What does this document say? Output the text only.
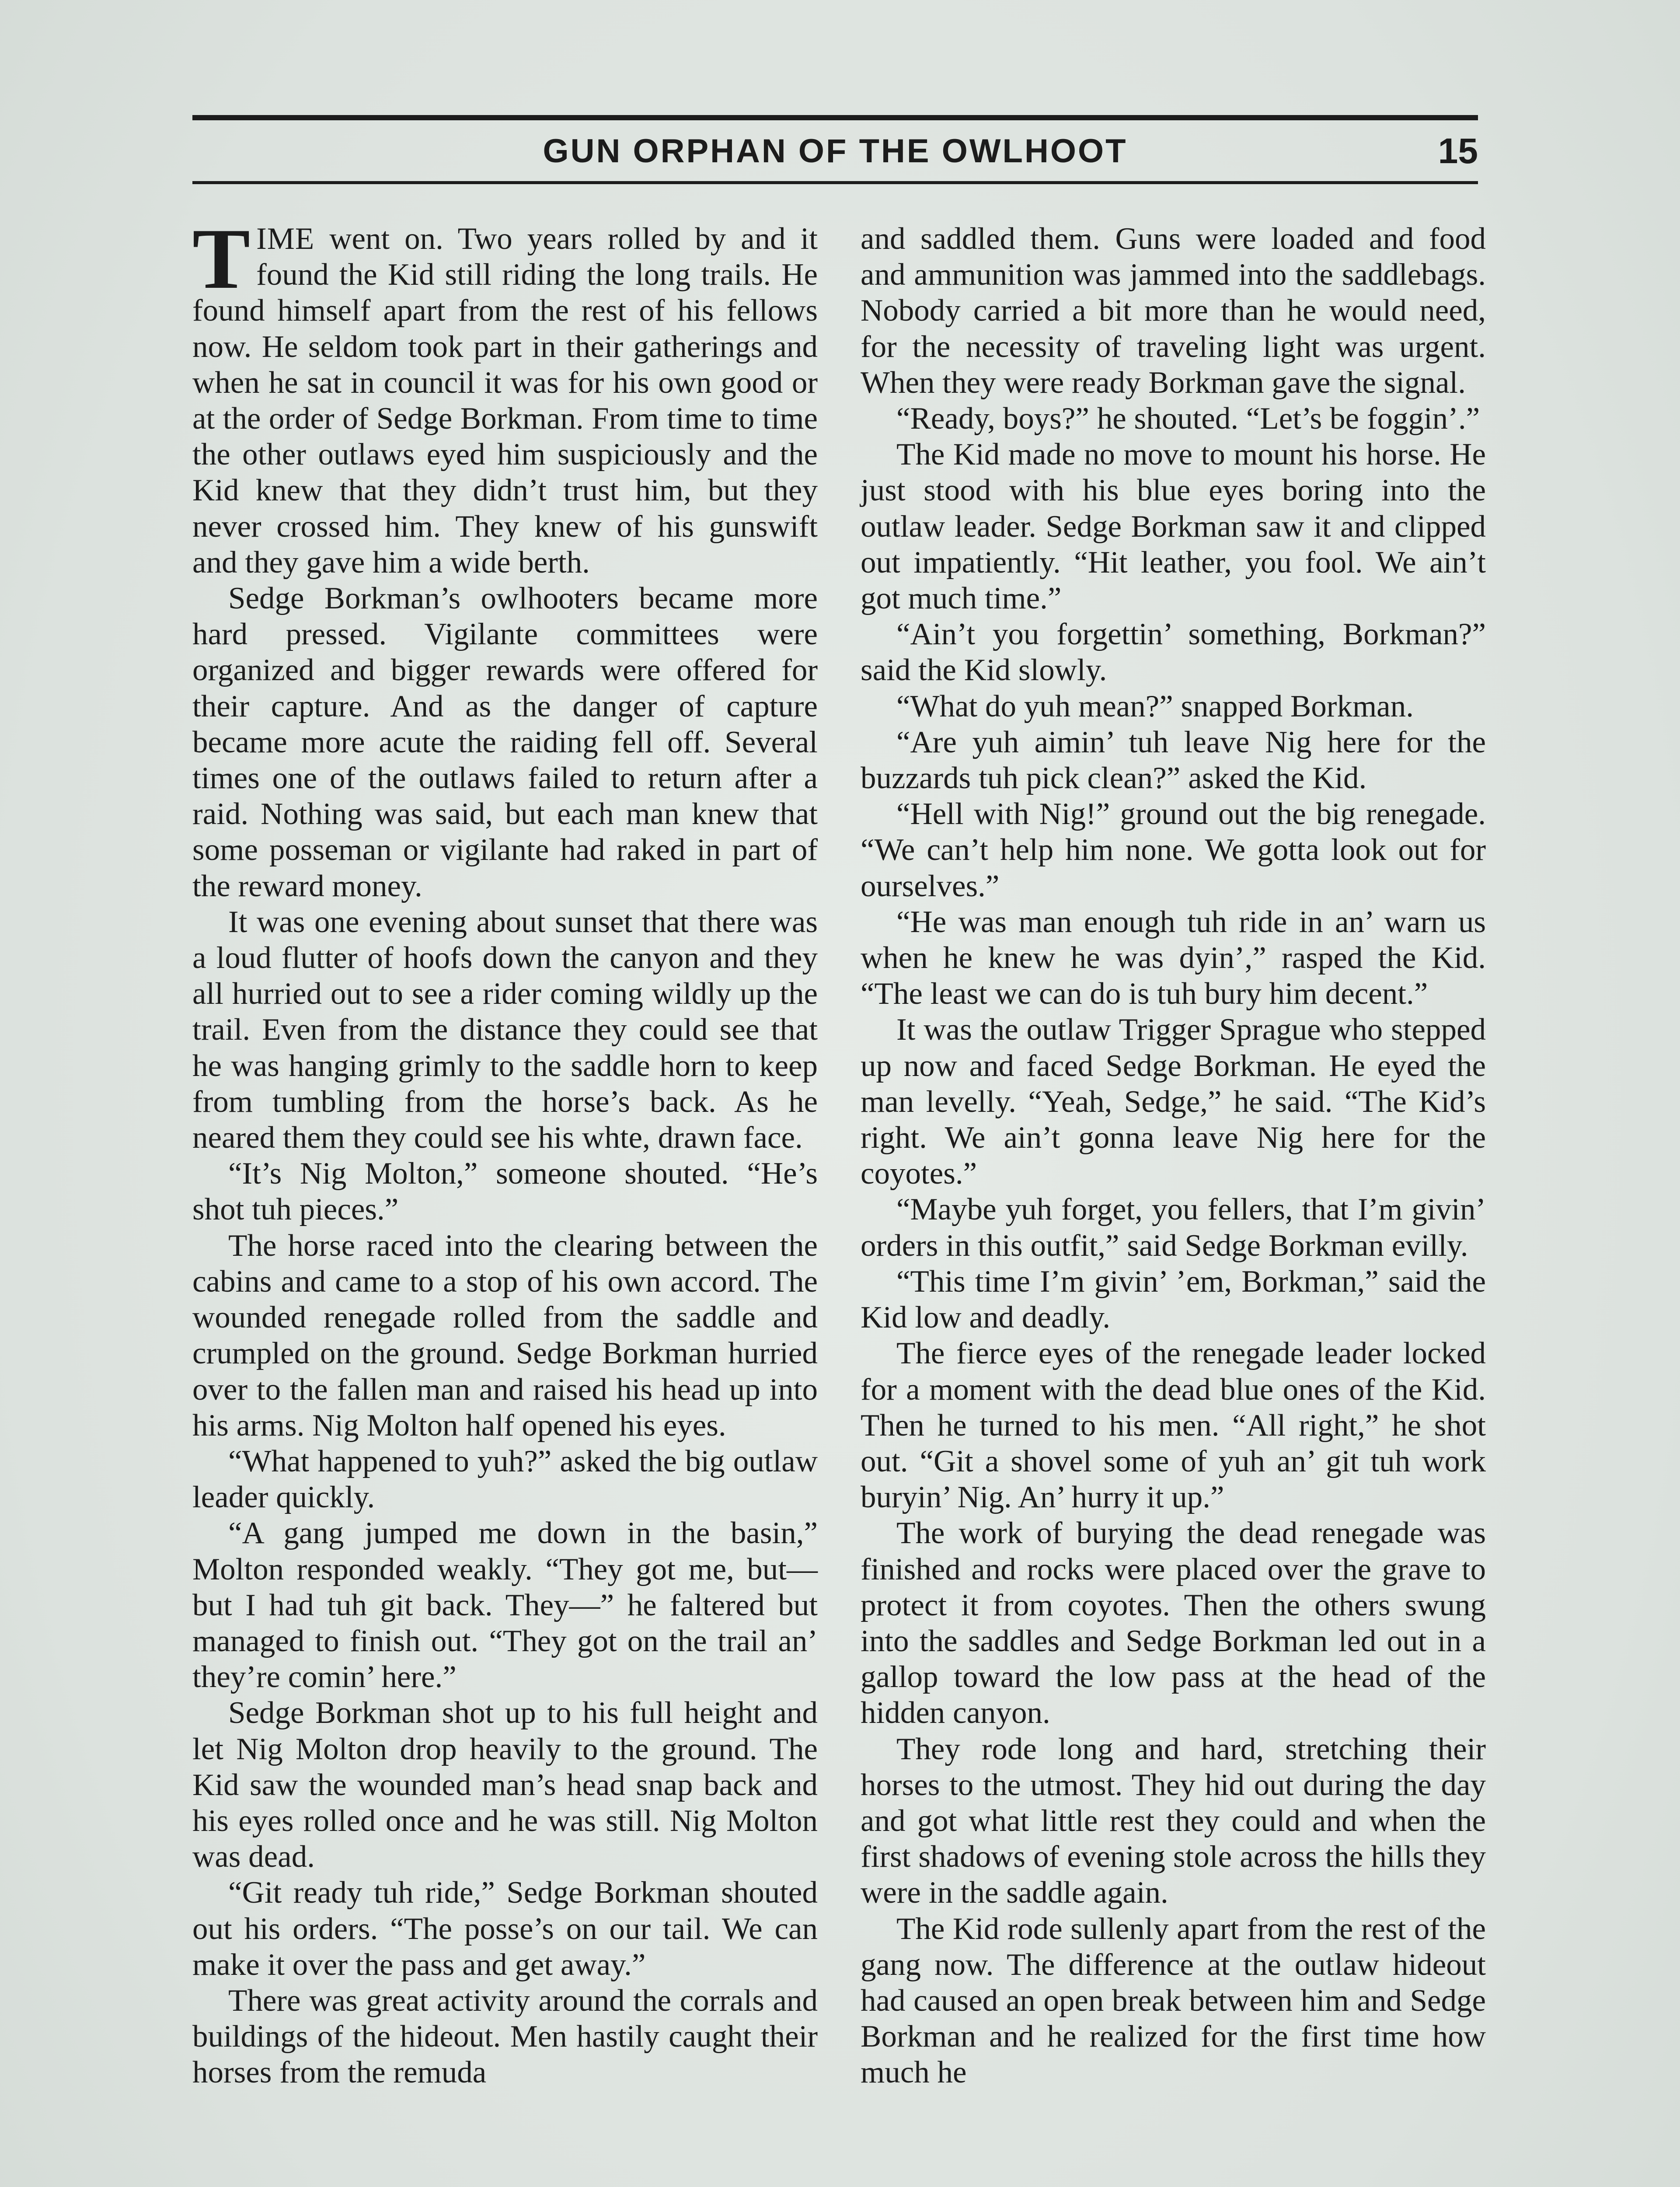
GUN ORPHAN OF THE OWLHOOT	15

TIME went on. Two years rolled by and it found the Kid still riding the long trails. He found himself apart from the rest of his fellows now. He seldom took part in their gatherings and when he sat in council it was for his own good or at the order of Sedge Borkman. From time to time the other outlaws eyed him suspiciously and the Kid knew that they didn’t trust him, but they never crossed him. They knew of his gunswift and they gave him a wide berth.

Sedge Borkman’s owlhooters became more hard pressed. Vigilante committees were organized and bigger rewards were offered for their capture. And as the danger of capture became more acute the raiding fell off. Several times one of the outlaws failed to return after a raid. Nothing was said, but each man knew that some posseman or vigilante had raked in part of the reward money.

It was one evening about sunset that there was a loud flutter of hoofs down the canyon and they all hurried out to see a rider coming wildly up the trail. Even from the distance they could see that he was hanging grimly to the saddle horn to keep from tumbling from the horse’s back. As he neared them they could see his whte, drawn face.

“It’s Nig Molton,” someone shouted. “He’s shot tuh pieces.”

The horse raced into the clearing between the cabins and came to a stop of his own accord. The wounded renegade rolled from the saddle and crumpled on the ground. Sedge Borkman hurried over to the fallen man and raised his head up into his arms. Nig Molton half opened his eyes.

“What happened to yuh?” asked the big outlaw leader quickly.

“A gang jumped me down in the basin,” Molton responded weakly. “They got me, but—but I had tuh git back. They—” he faltered but managed to finish out. “They got on the trail an’ they’re comin’ here.”

Sedge Borkman shot up to his full height and let Nig Molton drop heavily to the ground. The Kid saw the wounded man’s head snap back and his eyes rolled once and he was still. Nig Molton was dead.

“Git ready tuh ride,” Sedge Borkman shouted out his orders. “The posse’s on our tail. We can make it over the pass and get away.”

There was great activity around the corrals and buildings of the hideout. Men hastily caught their horses from the remuda

and saddled them. Guns were loaded and food and ammunition was jammed into the saddlebags. Nobody carried a bit more than he would need, for the necessity of traveling light was urgent. When they were ready Borkman gave the signal.

“Ready, boys?” he shouted. “Let’s be foggin’.”

The Kid made no move to mount his horse. He just stood with his blue eyes boring into the outlaw leader. Sedge Borkman saw it and clipped out impatiently. “Hit leather, you fool. We ain’t got much time.”

“Ain’t you forgettin’ something, Borkman?” said the Kid slowly.

“What do yuh mean?” snapped Borkman.

“Are yuh aimin’ tuh leave Nig here for the buzzards tuh pick clean?” asked the Kid.

“Hell with Nig!” ground out the big renegade. “We can’t help him none. We gotta look out for ourselves.”

“He was man enough tuh ride in an’ warn us when he knew he was dyin’,” rasped the Kid. “The least we can do is tuh bury him decent.”

It was the outlaw Trigger Sprague who stepped up now and faced Sedge Borkman. He eyed the man levelly. “Yeah, Sedge,” he said. “The Kid’s right. We ain’t gonna leave Nig here for the coyotes.”

“Maybe yuh forget, you fellers, that I’m givin’ orders in this outfit,” said Sedge Borkman evilly.

“This time I’m givin’ ’em, Borkman,” said the Kid low and deadly.

The fierce eyes of the renegade leader locked for a moment with the dead blue ones of the Kid. Then he turned to his men. “All right,” he shot out. “Git a shovel some of yuh an’ git tuh work buryin’ Nig. An’ hurry it up.”

The work of burying the dead renegade was finished and rocks were placed over the grave to protect it from coyotes. Then the others swung into the saddles and Sedge Borkman led out in a gallop toward the low pass at the head of the hidden canyon.

They rode long and hard, stretching their horses to the utmost. They hid out during the day and got what little rest they could and when the first shadows of evening stole across the hills they were in the saddle again.

The Kid rode sullenly apart from the rest of the gang now. The difference at the outlaw hideout had caused an open break between him and Sedge Borkman and he realized for the first time how much he
